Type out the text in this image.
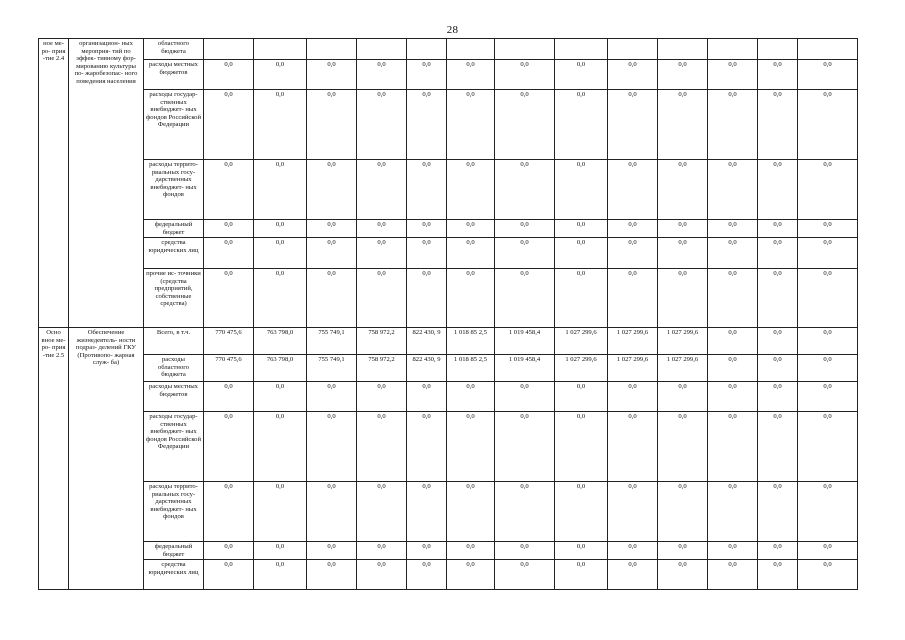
28
ное ме- ро- прия -тие 2.4	организацион- ных мероприя- тий по эффек- тивному фор- мированию культуры по- жаробезопас- ного поведения населения	областного бюджета													
		расходы местных бюджетов	0,0	0,0	0,0	0,0	0,0	0,0	0,0	0,0	0,0	0,0	0,0	0,0	0,0
		расходы государ- ственных внебюджет- ных фондов Российской Федерации	0,0	0,0	0,0	0,0	0,0	0,0	0,0	0,0	0,0	0,0	0,0	0,0	0,0
		расходы террито- риальных госу- дарственных внебюджет- ных фондов	0,0	0,0	0,0	0,0	0,0	0,0	0,0	0,0	0,0	0,0	0,0	0,0	0,0
		федеральный бюджет	0,0	0,0	0,0	0,0	0,0	0,0	0,0	0,0	0,0	0,0	0,0	0,0	0,0
		средства юридических лиц	0,0	0,0	0,0	0,0	0,0	0,0	0,0	0,0	0,0	0,0	0,0	0,0	0,0
		прочие ис- точники (средства предприятий, собственные средства)	0,0	0,0	0,0	0,0	0,0	0,0	0,0	0,0	0,0	0,0	0,0	0,0	0,0
Осно вное ме- ро- прия -тие 2.5	Обеспечение жизнедеятель- ности подраз- делений ГКУ (Противопо- жарная служ- ба)	Всего, в т.ч.	770 475,6	763 798,0	755 749,1	758 972,2	822 430, 9	1 018 85 2,5	1 019 458,4	1 027 299,6	1 027 299,6	1 027 299,6	0,0	0,0	0,0
		расходы областного бюджета	770 475,6	763 798,0	755 749,1	758 972,2	822 430, 9	1 018 85 2,5	1 019 458,4	1 027 299,6	1 027 299,6	1 027 299,6	0,0	0,0	0,0
		расходы местных бюджетов	0,0	0,0	0,0	0,0	0,0	0,0	0,0	0,0	0,0	0,0	0,0	0,0	0,0
		расходы государ- ственных внебюджет- ных фондов Российской Федерации	0,0	0,0	0,0	0,0	0,0	0,0	0,0	0,0	0,0	0,0	0,0	0,0	0,0
		расходы террито- риальных госу- дарственных внебюджет- ных фондов	0,0	0,0	0,0	0,0	0,0	0,0	0,0	0,0	0,0	0,0	0,0	0,0	0,0
		федеральный бюджет	0,0	0,0	0,0	0,0	0,0	0,0	0,0	0,0	0,0	0,0	0,0	0,0	0,0
		средства юридических лиц	0,0	0,0	0,0	0,0	0,0	0,0	0,0	0,0	0,0	0,0	0,0	0,0	0,0
